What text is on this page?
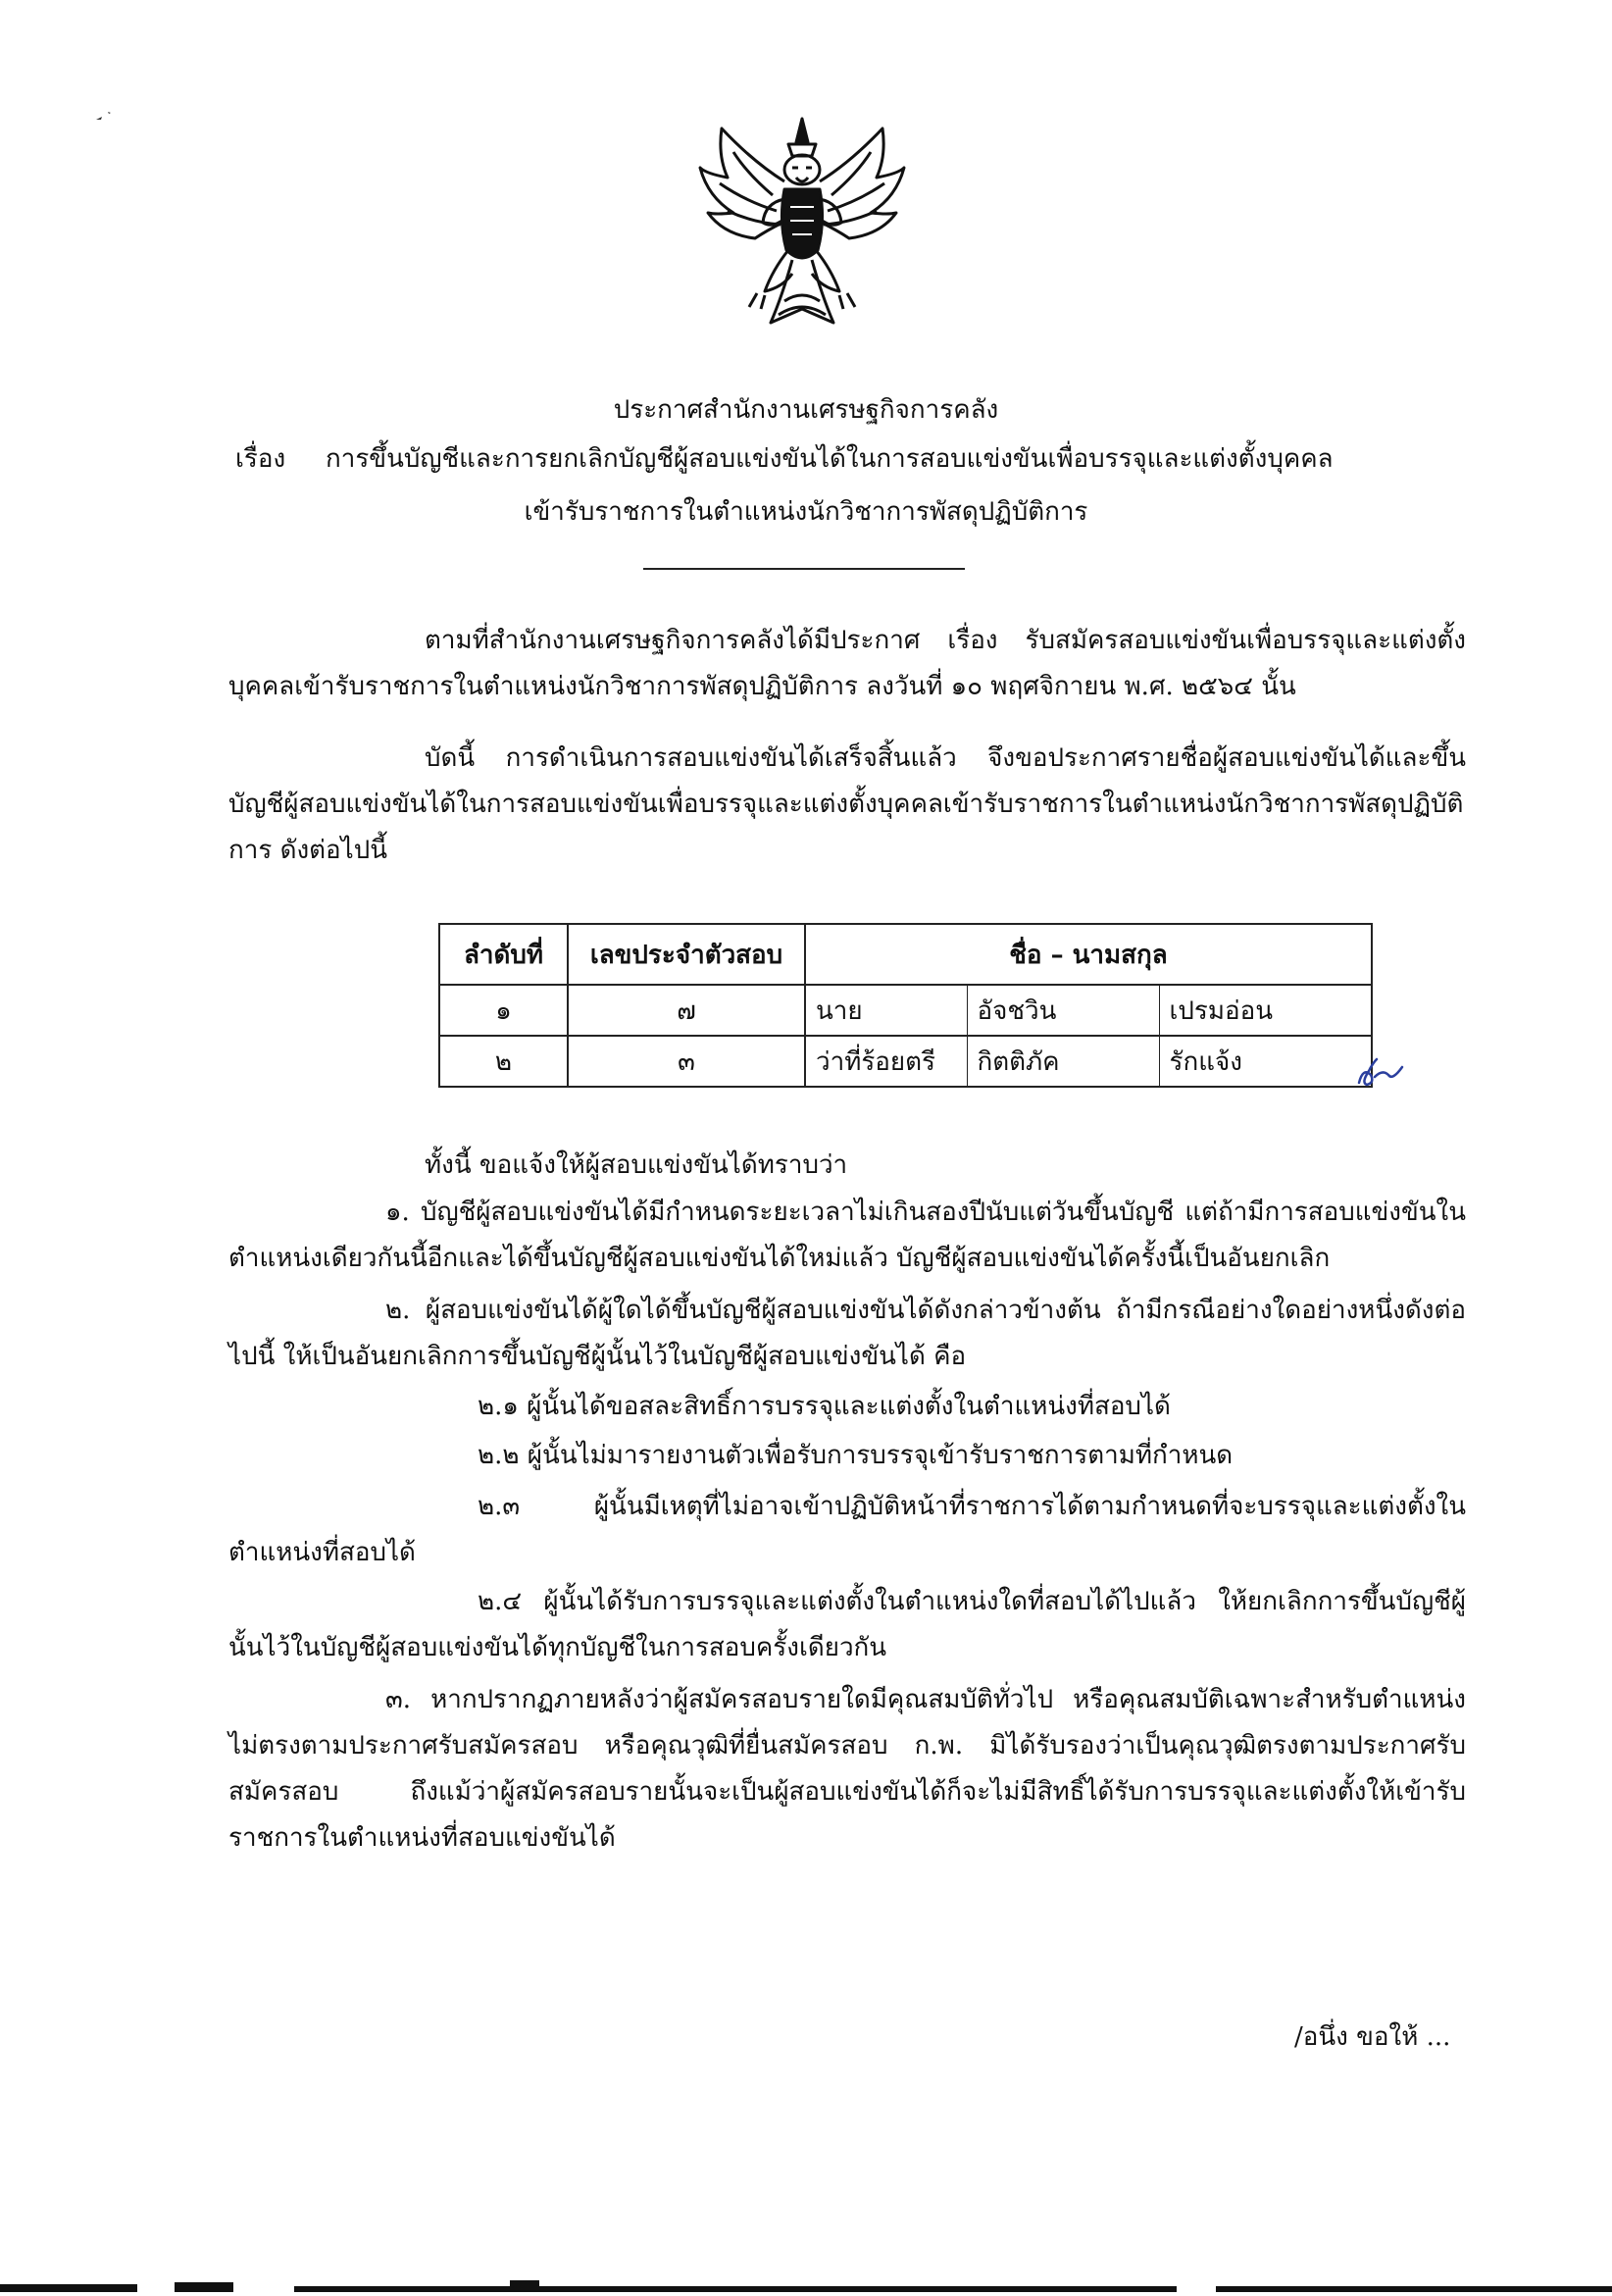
ประกาศสำนักงานเศรษฐกิจการคลัง
เรื่อง การขึ้นบัญชีและการยกเลิกบัญชีผู้สอบแข่งขันได้ในการสอบแข่งขันเพื่อบรรจุและแต่งตั้งบุคคล
เข้ารับราชการในตำแหน่งนักวิชาการพัสดุปฏิบัติการ
ตามที่สำนักงานเศรษฐกิจการคลังได้มีประกาศ เรื่อง รับสมัครสอบแข่งขันเพื่อบรรจุและแต่งตั้งบุคคลเข้ารับราชการในตำแหน่งนักวิชาการพัสดุปฏิบัติการ ลงวันที่ ๑๐ พฤศจิกายน พ.ศ. ๒๕๖๔ นั้น
บัดนี้ การดำเนินการสอบแข่งขันได้เสร็จสิ้นแล้ว จึงขอประกาศรายชื่อผู้สอบแข่งขันได้และขึ้นบัญชีผู้สอบแข่งขันได้ในการสอบแข่งขันเพื่อบรรจุและแต่งตั้งบุคคลเข้ารับราชการในตำแหน่งนักวิชาการพัสดุปฏิบัติการ ดังต่อไปนี้
ลำดับที่	เลขประจำตัวสอบ	ชื่อ – นามสกุล		
๑	๗	นาย	อัจชวิน	เปรมอ่อน
๒	๓	ว่าที่ร้อยตรี	กิตติภัค	รักแจ้ง
ทั้งนี้ ขอแจ้งให้ผู้สอบแข่งขันได้ทราบว่า
๑. บัญชีผู้สอบแข่งขันได้มีกำหนดระยะเวลาไม่เกินสองปีนับแต่วันขึ้นบัญชี แต่ถ้ามีการสอบแข่งขันในตำแหน่งเดียวกันนี้อีกและได้ขึ้นบัญชีผู้สอบแข่งขันได้ใหม่แล้ว บัญชีผู้สอบแข่งขันได้ครั้งนี้เป็นอันยกเลิก
๒. ผู้สอบแข่งขันได้ผู้ใดได้ขึ้นบัญชีผู้สอบแข่งขันได้ดังกล่าวข้างต้น ถ้ามีกรณีอย่างใดอย่างหนึ่งดังต่อไปนี้ ให้เป็นอันยกเลิกการขึ้นบัญชีผู้นั้นไว้ในบัญชีผู้สอบแข่งขันได้ คือ
๒.๑ ผู้นั้นได้ขอสละสิทธิ์การบรรจุและแต่งตั้งในตำแหน่งที่สอบได้
๒.๒ ผู้นั้นไม่มารายงานตัวเพื่อรับการบรรจุเข้ารับราชการตามที่กำหนด
๒.๓ ผู้นั้นมีเหตุที่ไม่อาจเข้าปฏิบัติหน้าที่ราชการได้ตามกำหนดที่จะบรรจุและแต่งตั้งในตำแหน่งที่สอบได้
๒.๔ ผู้นั้นได้รับการบรรจุและแต่งตั้งในตำแหน่งใดที่สอบได้ไปแล้ว ให้ยกเลิกการขึ้นบัญชีผู้นั้นไว้ในบัญชีผู้สอบแข่งขันได้ทุกบัญชีในการสอบครั้งเดียวกัน
๓. หากปรากฏภายหลังว่าผู้สมัครสอบรายใดมีคุณสมบัติทั่วไป หรือคุณสมบัติเฉพาะสำหรับตำแหน่งไม่ตรงตามประกาศรับสมัครสอบ หรือคุณวุฒิที่ยื่นสมัครสอบ ก.พ. มิได้รับรองว่าเป็นคุณวุฒิตรงตามประกาศรับสมัครสอบ ถึงแม้ว่าผู้สมัครสอบรายนั้นจะเป็นผู้สอบแข่งขันได้ก็จะไม่มีสิทธิ์ได้รับการบรรจุและแต่งตั้งให้เข้ารับราชการในตำแหน่งที่สอบแข่งขันได้
/อนึ่ง ขอให้ ...
